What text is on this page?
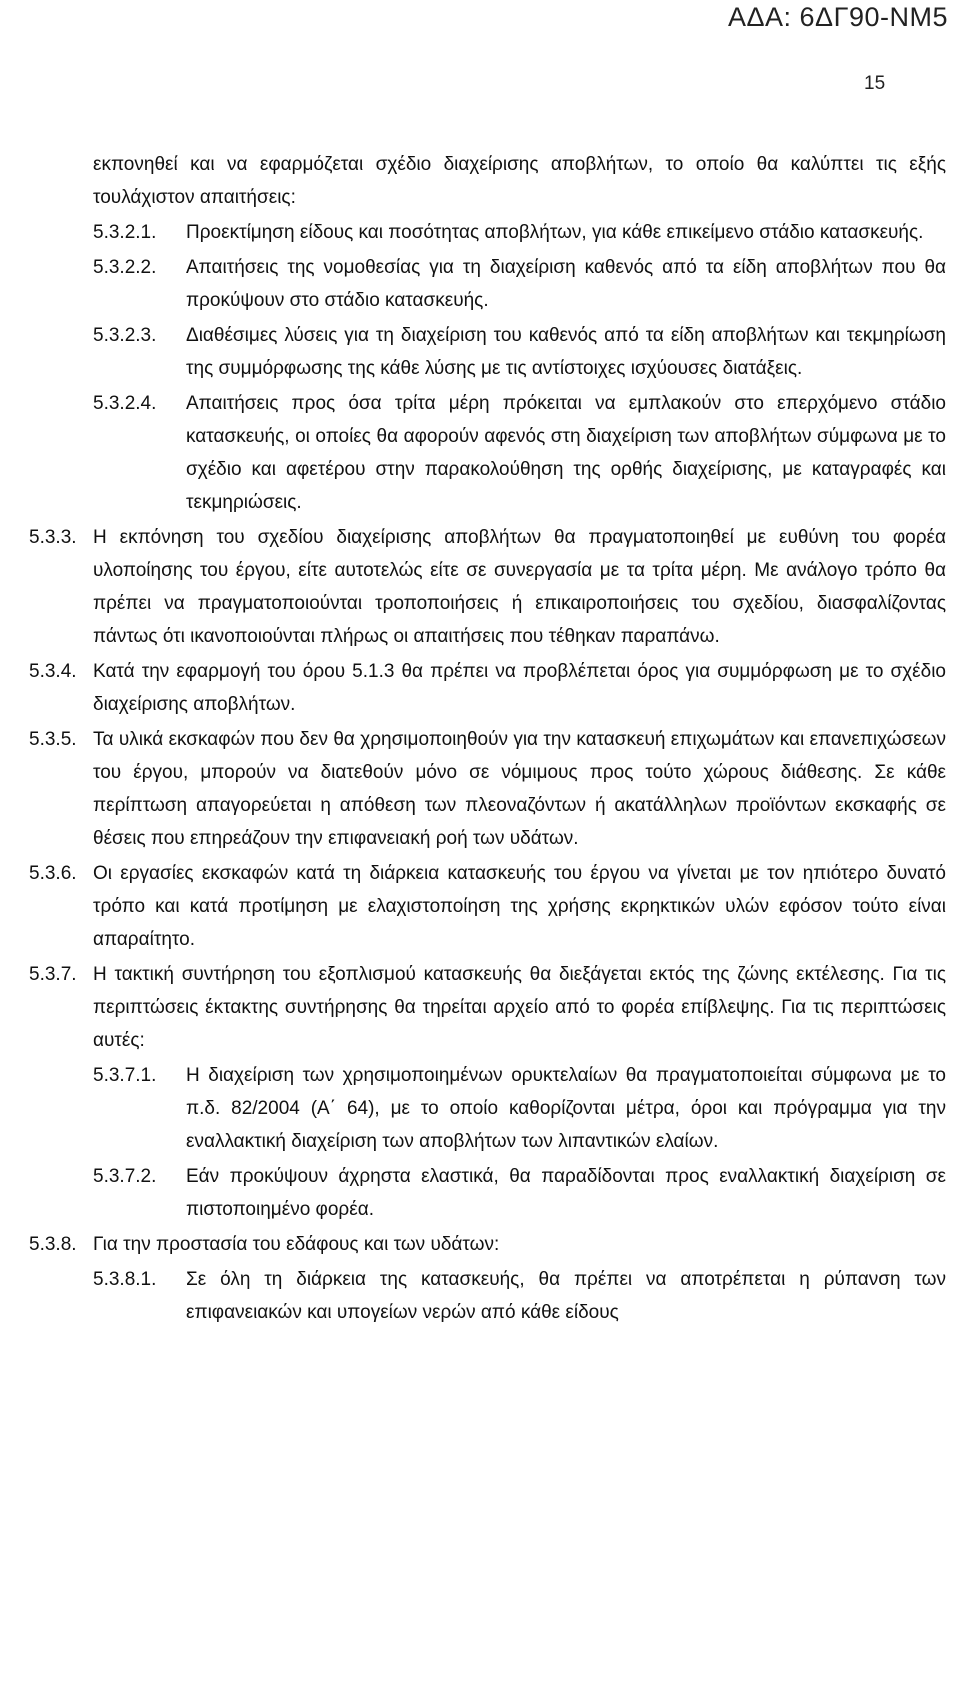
ΑΔΑ: 6ΔΓ90-ΝΜ5
15
εκπονηθεί και να εφαρμόζεται σχέδιο διαχείρισης αποβλήτων, το οποίο θα καλύπτει τις εξής τουλάχιστον απαιτήσεις:
5.3.2.1. Προεκτίμηση είδους και ποσότητας αποβλήτων, για κάθε επικείμενο στάδιο κατασκευής.
5.3.2.2. Απαιτήσεις της νομοθεσίας για τη διαχείριση καθενός από τα είδη αποβλήτων που θα προκύψουν στο στάδιο κατασκευής.
5.3.2.3. Διαθέσιμες λύσεις για τη διαχείριση του καθενός από τα είδη αποβλήτων και τεκμηρίωση της συμμόρφωσης της κάθε λύσης με τις αντίστοιχες ισχύουσες διατάξεις.
5.3.2.4. Απαιτήσεις προς όσα τρίτα μέρη πρόκειται να εμπλακούν στο επερχόμενο στάδιο κατασκευής, οι οποίες θα αφορούν αφενός στη διαχείριση των αποβλήτων σύμφωνα με το σχέδιο και αφετέρου στην παρακολούθηση της ορθής διαχείρισης, με καταγραφές και τεκμηριώσεις.
5.3.3. Η εκπόνηση του σχεδίου διαχείρισης αποβλήτων θα πραγματοποιηθεί με ευθύνη του φορέα υλοποίησης του έργου, είτε αυτοτελώς είτε σε συνεργασία με τα τρίτα μέρη. Με ανάλογο τρόπο θα πρέπει να πραγματοποιούνται τροποποιήσεις ή επικαιροποιήσεις του σχεδίου, διασφαλίζοντας πάντως ότι ικανοποιούνται πλήρως οι απαιτήσεις που τέθηκαν παραπάνω.
5.3.4. Κατά την εφαρμογή του όρου 5.1.3 θα πρέπει να προβλέπεται όρος για συμμόρφωση με το σχέδιο διαχείρισης αποβλήτων.
5.3.5. Τα υλικά εκσκαφών που δεν θα χρησιμοποιηθούν για την κατασκευή επιχωμάτων και επανεπιχώσεων του έργου, μπορούν να διατεθούν μόνο σε νόμιμους προς τούτο χώρους διάθεσης. Σε κάθε περίπτωση απαγορεύεται η απόθεση των πλεοναζόντων ή ακατάλληλων προϊόντων εκσκαφής σε θέσεις που επηρεάζουν την επιφανειακή ροή των υδάτων.
5.3.6. Οι εργασίες εκσκαφών κατά τη διάρκεια κατασκευής του έργου να γίνεται με τον ηπιότερο δυνατό τρόπο και κατά προτίμηση με ελαχιστοποίηση της χρήσης εκρηκτικών υλών εφόσον τούτο είναι απαραίτητο.
5.3.7. Η τακτική συντήρηση του εξοπλισμού κατασκευής θα διεξάγεται εκτός της ζώνης εκτέλεσης. Για τις περιπτώσεις έκτακτης συντήρησης θα τηρείται αρχείο από το φορέα επίβλεψης. Για τις περιπτώσεις αυτές:
5.3.7.1. Η διαχείριση των χρησιμοποιημένων ορυκτελαίων θα πραγματοποιείται σύμφωνα με το π.δ. 82/2004 (Α΄ 64), με το οποίο καθορίζονται μέτρα, όροι και πρόγραμμα για την εναλλακτική διαχείριση των αποβλήτων των λιπαντικών ελαίων.
5.3.7.2. Εάν προκύψουν άχρηστα ελαστικά, θα παραδίδονται προς εναλλακτική διαχείριση σε πιστοποιημένο φορέα.
5.3.8. Για την προστασία του εδάφους και των υδάτων:
5.3.8.1. Σε όλη τη διάρκεια της κατασκευής, θα πρέπει να αποτρέπεται η ρύπανση των επιφανειακών και υπογείων νερών από κάθε είδους
